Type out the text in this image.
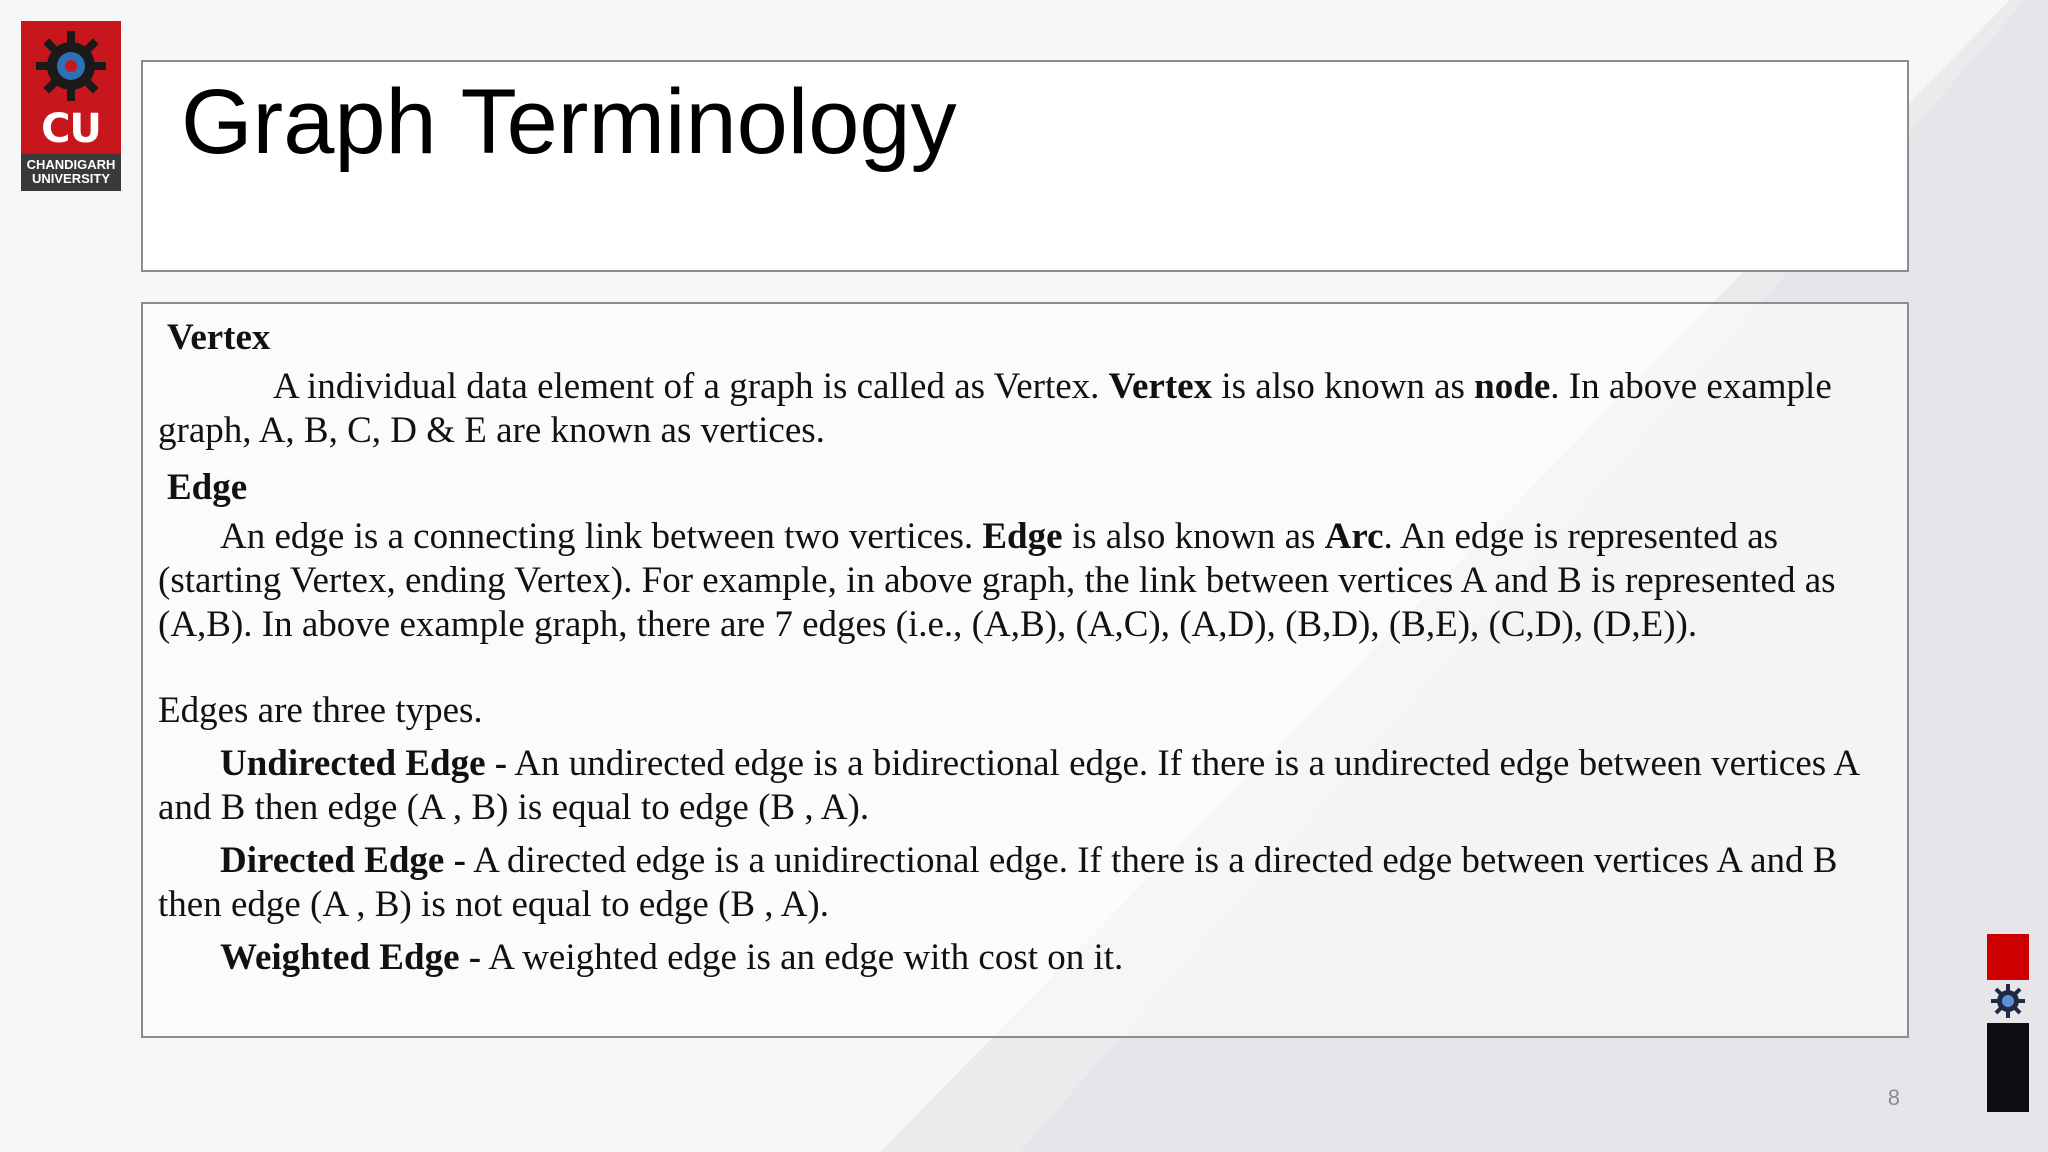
CU
CHANDIGARH
UNIVERSITY
Graph Terminology

Vertex

A individual data element of a graph is called as Vertex. Vertex is also known as node. In above example graph, A, B, C, D & E are known as vertices.

Edge

An edge is a connecting link between two vertices. Edge is also known as Arc. An edge is represented as (starting Vertex, ending Vertex). For example, in above graph, the link between vertices A and B is represented as (A,B). In above example graph, there are 7 edges (i.e., (A,B), (A,C), (A,D), (B,D), (B,E), (C,D), (D,E)).

Edges are three types.

Undirected Edge - An undirected edge is a bidirectional edge. If there is a undirected edge between vertices A and B then edge (A , B) is equal to edge (B , A).

Directed Edge - A directed edge is a unidirectional edge. If there is a directed edge between vertices A and B then edge (A , B) is not equal to edge (B , A).

Weighted Edge - A weighted edge is an edge with cost on it.

8
